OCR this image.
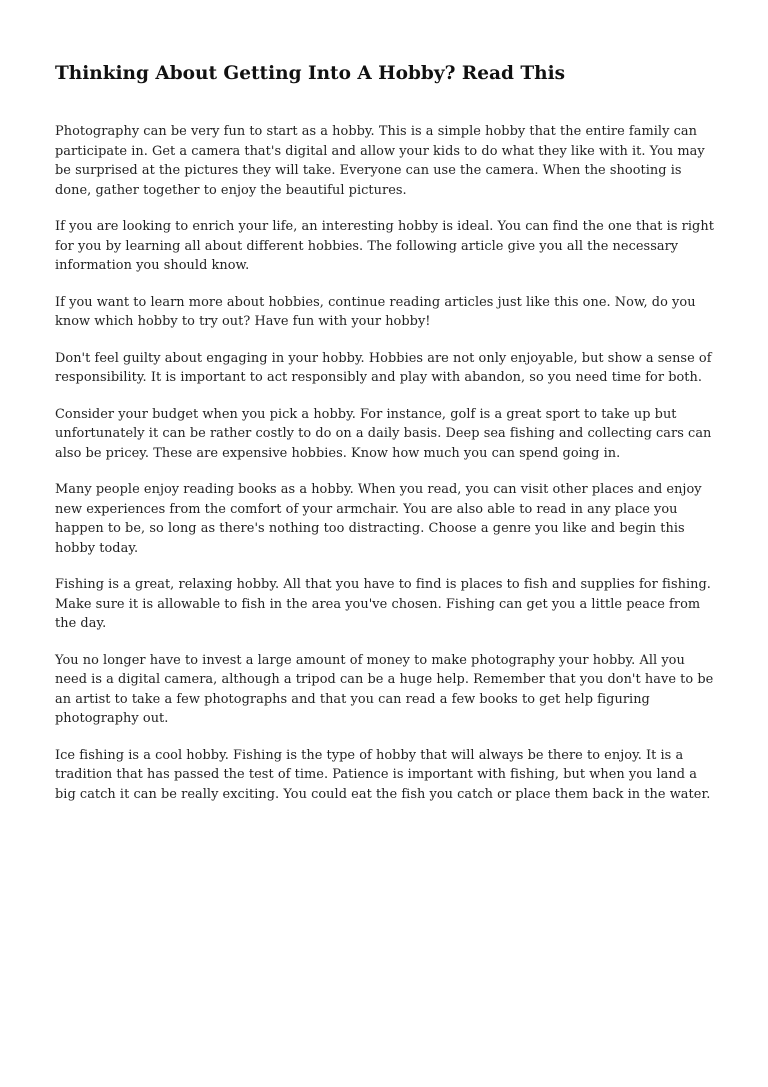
Thinking About Getting Into A Hobby? Read This

Photography can be very fun to start as a hobby. This is a simple hobby that the entire family can participate in. Get a camera that's digital and allow your kids to do what they like with it. You may be surprised at the pictures they will take. Everyone can use the camera. When the shooting is done, gather together to enjoy the beautiful pictures.

If you are looking to enrich your life, an interesting hobby is ideal. You can find the one that is right for you by learning all about different hobbies. The following article give you all the necessary information you should know.

If you want to learn more about hobbies, continue reading articles just like this one. Now, do you know which hobby to try out? Have fun with your hobby!

Don't feel guilty about engaging in your hobby. Hobbies are not only enjoyable, but show a sense of responsibility. It is important to act responsibly and play with abandon, so you need time for both.

Consider your budget when you pick a hobby. For instance, golf is a great sport to take up but unfortunately it can be rather costly to do on a daily basis. Deep sea fishing and collecting cars can also be pricey. These are expensive hobbies. Know how much you can spend going in.

Many people enjoy reading books as a hobby. When you read, you can visit other places and enjoy new experiences from the comfort of your armchair. You are also able to read in any place you happen to be, so long as there's nothing too distracting. Choose a genre you like and begin this hobby today.

Fishing is a great, relaxing hobby. All that you have to find is places to fish and supplies for fishing. Make sure it is allowable to fish in the area you've chosen. Fishing can get you a little peace from the day.

You no longer have to invest a large amount of money to make photography your hobby. All you need is a digital camera, although a tripod can be a huge help. Remember that you don't have to be an artist to take a few photographs and that you can read a few books to get help figuring photography out.

Ice fishing is a cool hobby. Fishing is the type of hobby that will always be there to enjoy. It is a tradition that has passed the test of time. Patience is important with fishing, but when you land a big catch it can be really exciting. You could eat the fish you catch or place them back in the water.
